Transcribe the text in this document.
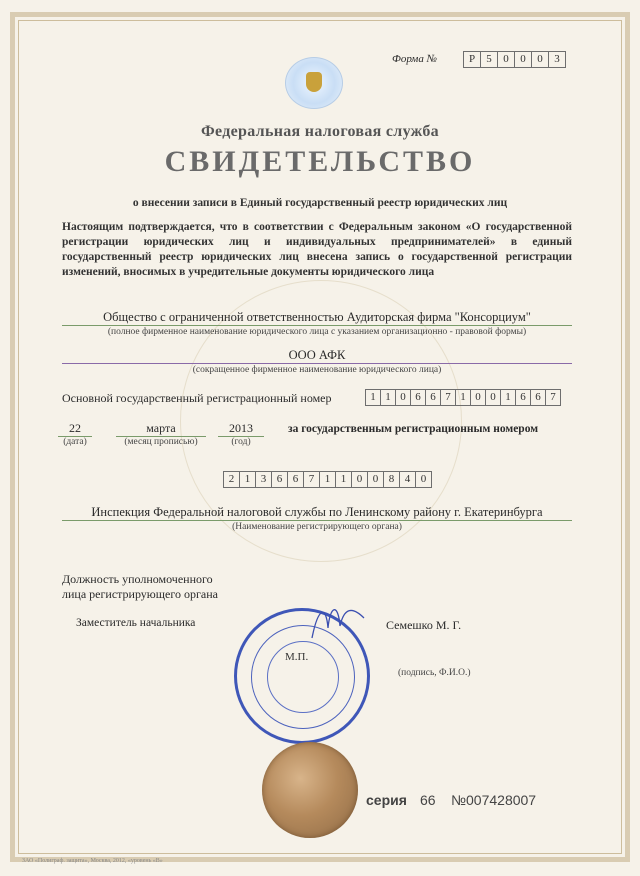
Форма №	Р	5	0	0	0	3
Федеральная налоговая служба
СВИДЕТЕЛЬСТВО
о внесении записи в Единый государственный реестр юридических лиц
Настоящим подтверждается, что в соответствии с Федеральным законом «О государственной регистрации юридических лиц и индивидуальных предпринимателей» в единый государственный реестр юридических лиц внесена запись о государственной регистрации изменений, вносимых в учредительные документы юридического лица
Общество с ограниченной ответственностью Аудиторская фирма "Консорциум"
(полное фирменное наименование юридического лица с указанием организационно - правовой формы)
ООО АФК
(сокращенное фирменное наименование юридического лица)
Основной государственный регистрационный номер	1 1 0 6 6 7 1 0 0 1 6 6 7
22
(дата)
марта
(месяц прописью)
2013
(год)
за государственным регистрационным номером
2 1 3 6 6 7 1 1 0 0 8 4 0
Инспекция Федеральной налоговой службы по Ленинскому району г. Екатеринбурга
(Наименование регистрирующего органа)
Должность уполномоченного
лица регистрирующего органа
Заместитель начальника	Семешко М. Г.
(подпись, Ф.И.О.)
М.П.
серия 66 №007428007
ЗАО «Полиграф. защита», Москва, 2012, «уровень «В»
